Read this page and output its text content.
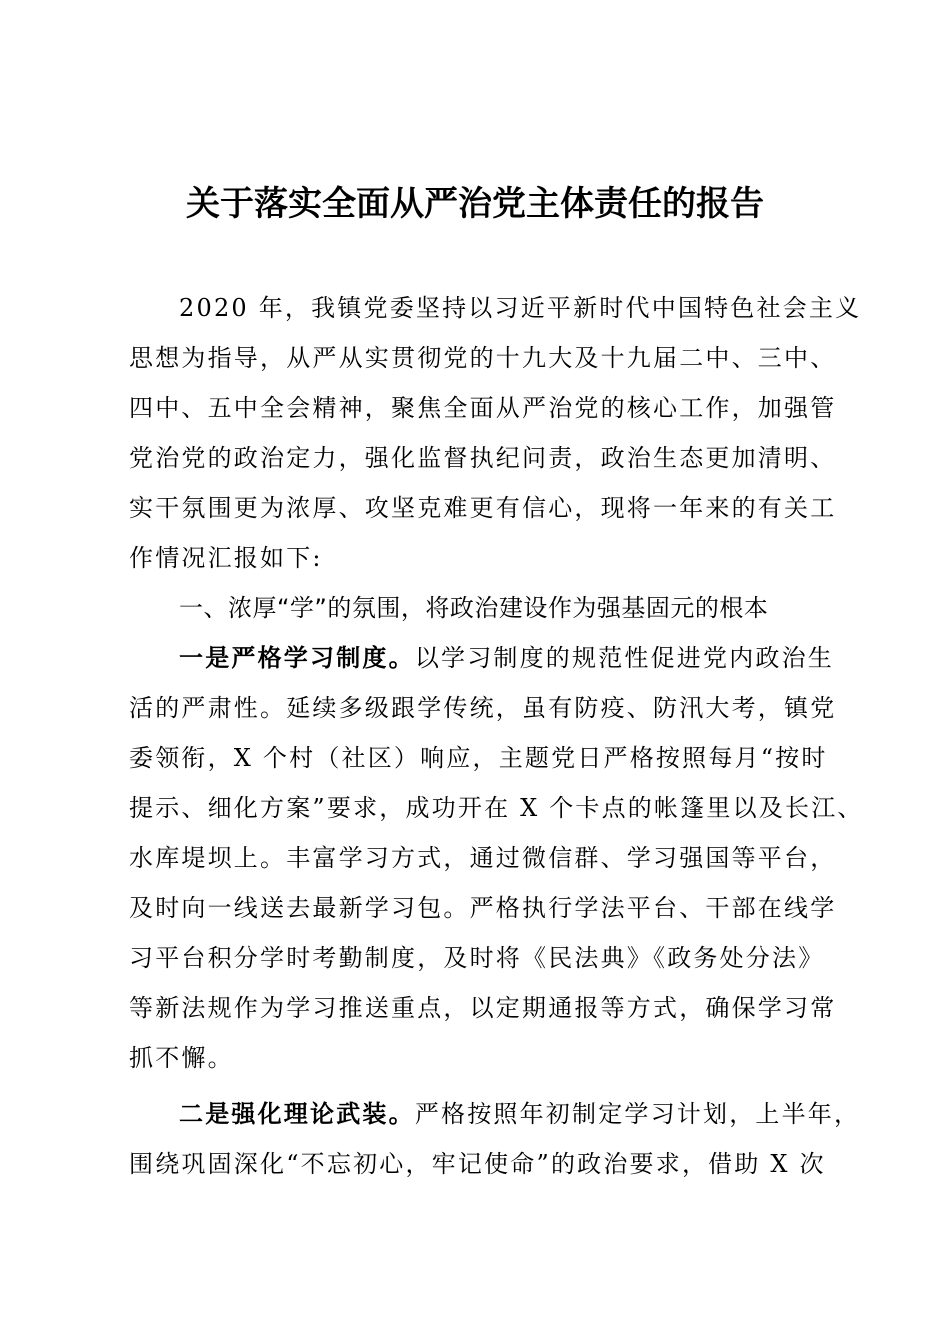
关于落实全面从严治党主体责任的报告
2020 年，我镇党委坚持以习近平新时代中国特色社会主义
思想为指导，从严从实贯彻党的十九大及十九届二中、三中、
四中、五中全会精神，聚焦全面从严治党的核心工作，加强管
党治党的政治定力，强化监督执纪问责，政治生态更加清明、
实干氛围更为浓厚、攻坚克难更有信心，现将一年来的有关工
作情况汇报如下:
一、浓厚“学”的氛围，将政治建设作为强基固元的根本
一是严格学习制度。以学习制度的规范性促进党内政治生
活的严肃性。延续多级跟学传统，虽有防疫、防汛大考，镇党
委领衔，X 个村（社区）响应，主题党日严格按照每月“按时
提示、细化方案”要求，成功开在 X 个卡点的帐篷里以及长江、
水库堤坝上。丰富学习方式，通过微信群、学习强国等平台，
及时向一线送去最新学习包。严格执行学法平台、干部在线学
习平台积分学时考勤制度，及时将《民法典》《政务处分法》
等新法规作为学习推送重点，以定期通报等方式，确保学习常
抓不懈。
二是强化理论武装。严格按照年初制定学习计划，上半年，
围绕巩固深化“不忘初心，牢记使命”的政治要求，借助 X 次
